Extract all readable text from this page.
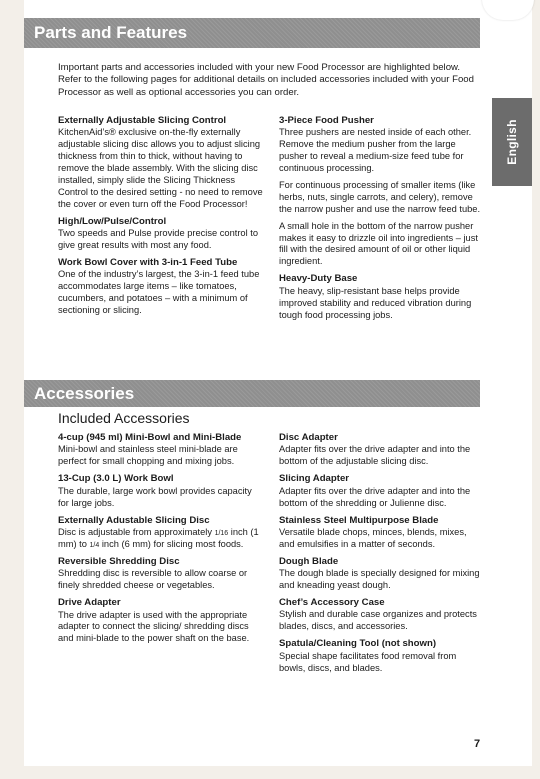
Parts and Features
English
Important parts and accessories included with your new Food Processor are highlighted below. Refer to the following pages for additional details on included accessories included with your Food Processor as well as optional accessories you can order.
Externally Adjustable Slicing Control

KitchenAid’s® exclusive on-the-fly externally adjustable slicing disc allows you to adjust slicing thickness from thin to thick, without having to remove the blade assembly. With the slicing disc installed, simply slide the Slicing Thickness Control to the desired setting - no need to remove the cover or even turn off the Food Processor!

High/Low/Pulse/Control

Two speeds and Pulse provide precise control to give great results with most any food.

Work Bowl Cover with 3-in-1 Feed Tube

One of the industry’s largest, the 3-in-1 feed tube accommodates large items – like tomatoes, cucumbers, and potatoes – with a minimum of sectioning or slicing.

3-Piece Food Pusher

Three pushers are nested inside of each other. Remove the medium pusher from the large pusher to reveal a medium-size feed tube for continuous processing.

For continuous processing of smaller items (like herbs, nuts, single carrots, and celery), remove the narrow pusher and use the narrow feed tube.

A small hole in the bottom of the narrow pusher makes it easy to drizzle oil into ingredients – just fill with the desired amount of oil or other liquid ingredient.

Heavy-Duty Base

The heavy, slip-resistant base helps provide improved stability and reduced vibration during tough food processing jobs.

Accessories
Included Accessories
4-cup (945 ml) Mini-Bowl and Mini-Blade

Mini-bowl and stainless steel mini-blade are perfect for small chopping and mixing jobs.

13-Cup (3.0 L) Work Bowl

The durable, large work bowl provides capacity for large jobs.

Externally Adustable Slicing Disc

Disc is adjustable from approximately 1/16 inch (1 mm) to 1/4 inch (6 mm) for slicing most foods.

Reversible Shredding Disc

Shredding disc is reversible to allow coarse or finely shredded cheese or vegetables.

Drive Adapter

The drive adapter is used with the appropriate adapter to connect the slicing/ shredding discs and mini-blade to the power shaft on the base.

Disc Adapter

Adapter fits over the drive adapter and into the bottom of the adjustable slicing disc.

Slicing Adapter

Adapter fits over the drive adapter and into the bottom of the shredding or Julienne disc.

Stainless Steel Multipurpose Blade

Versatile blade chops, minces, blends, mixes, and emulsifies in a matter of seconds.

Dough Blade

The dough blade is specially designed for mixing and kneading yeast dough.

Chef’s Accessory Case

Stylish and durable case organizes and protects blades, discs, and accessories.

Spatula/Cleaning Tool (not shown)

Special shape facilitates food removal from bowls, discs, and blades.

7
